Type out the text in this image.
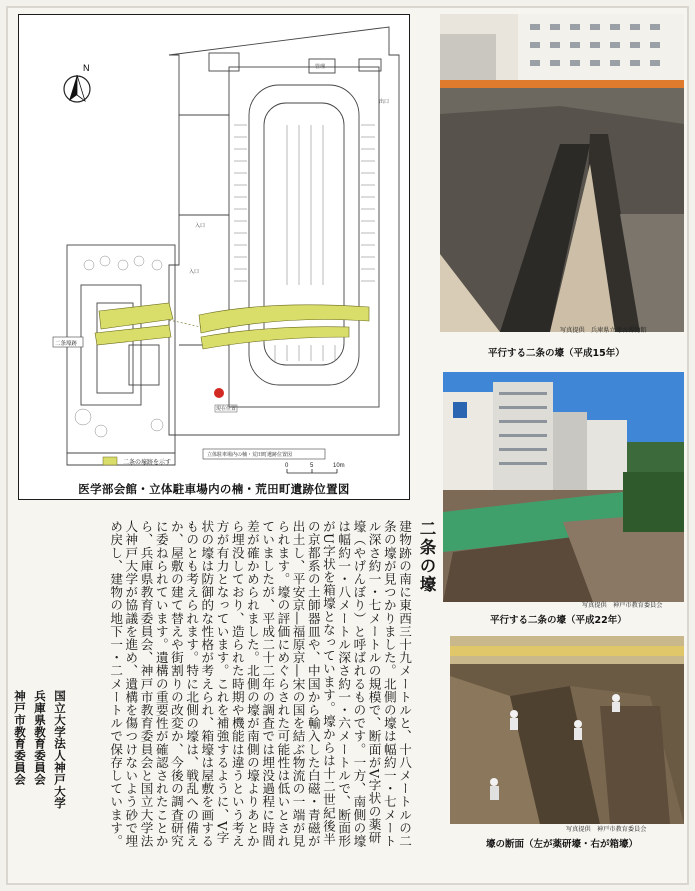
N
入口
入口
出口
管理
現在位置
二条壕跡
二条の壕跡を示す
立体駐車場内の楠・荒田町遺跡位置図
0	5	10m
医学部会館・立体駐車場内の楠・荒田町遺跡位置図
写真提供　兵庫県立考古博物館
平行する二条の壕（平成15年）
写真提供　神戸市教育委員会
平行する二条の壕（平成22年）
写真提供　神戸市教育委員会
壕の断面（左が薬研壕・右が箱壕）
二条の壕
建物跡の南に東西三十九メートルと、十八メートルの二条の壕が見つかりました。北側の壕は幅約一・七メートル深さ約一・七メートルの規模で、断面がV字状の薬研壕（やげんぼり）と呼ばれるものです。一方、南側の壕は幅約一・八メートル深さ約一・六メートルで、断面形がU字状を箱壕となっています。壕からは十二世紀後半の京都系の土師器皿や、中国から輸入した白磁・青磁が出土し、平安京―福原京―宋の国を結ぶ物流の一端が見られます。壕の評価にめぐらされた可能性は低いとされていましたが、平成二十二年の調査では埋没過程に時間差が確かめられました。北側の壕が南側の壕よりあとから埋没しており、造られた時期や機能は違うという考え方が有力となっています。これを補強するように、V字状の壕は防御的な性格が考えられ、箱壕は屋敷を画するものとも考えられます。特に北側の壕は、戦乱への備えか、屋敷の建て替えや街割りの改変か、今後の調査研究に委ねられています。遺構の重要性が確認されたことから、兵庫県教育委員会、神戸市教育委員会と国立大学法人神戸大学が協議を進め、遺構を傷つけないよう砂で埋め戻し、建物の地下一・二メートルで保存しています。
国立大学法人神戸大学
兵庫県教育委員会
神戸市教育委員会
